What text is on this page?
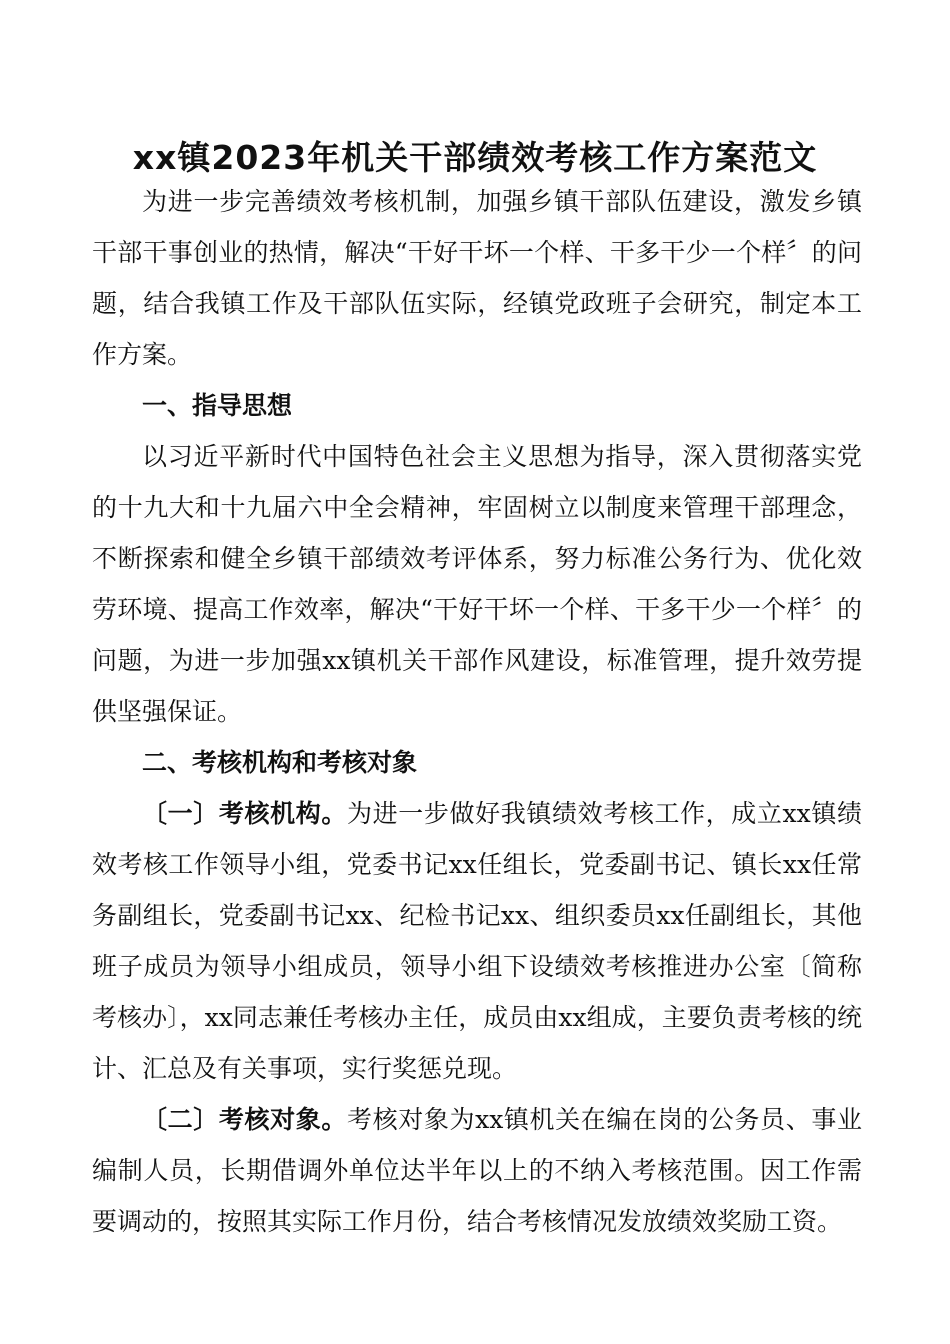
xx镇2023年机关干部绩效考核工作方案范文

为进一步完善绩效考核机制，加强乡镇干部队伍建设，激发乡镇干部干事创业的热情，解决“干好干坏一个样、干多干少一个样〞的问题，结合我镇工作及干部队伍实际，经镇党政班子会研究，制定本工作方案。

一、指导思想

以习近平新时代中国特色社会主义思想为指导，深入贯彻落实党的十九大和十九届六中全会精神，牢固树立以制度来管理干部理念，不断探索和健全乡镇干部绩效考评体系，努力标准公务行为、优化效劳环境、提高工作效率，解决“干好干坏一个样、干多干少一个样〞的问题，为进一步加强xx镇机关干部作风建设，标准管理，提升效劳提供坚强保证。

二、考核机构和考核对象

〔一〕考核机构。为进一步做好我镇绩效考核工作，成立xx镇绩效考核工作领导小组，党委书记xx任组长，党委副书记、镇长xx任常务副组长，党委副书记xx、纪检书记xx、组织委员xx任副组长，其他班子成员为领导小组成员，领导小组下设绩效考核推进办公室〔简称考核办〕，xx同志兼任考核办主任，成员由xx组成，主要负责考核的统计、汇总及有关事项，实行奖惩兑现。

〔二〕考核对象。考核对象为xx镇机关在编在岗的公务员、事业编制人员，长期借调外单位达半年以上的不纳入考核范围。因工作需要调动的，按照其实际工作月份，结合考核情况发放绩效奖励工资。
